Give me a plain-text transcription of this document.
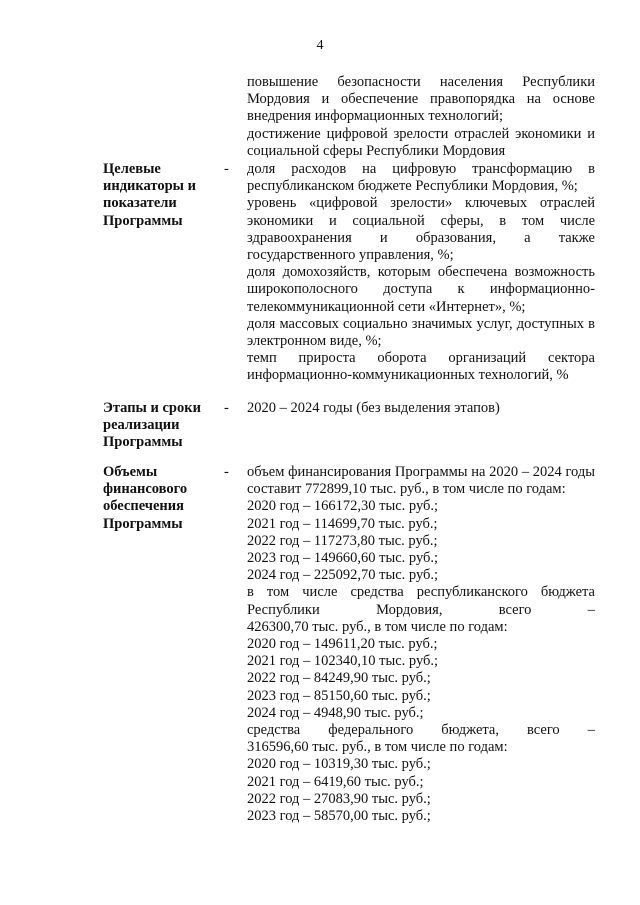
4

повышение безопасности населения Республики Мордовия и обеспечение правопорядка на основе внедрения информационных технологий;

достижение цифровой зрелости отраслей экономики и социальной сферы Республики Мордовия

Целевые индикаторы и показатели Программы
- доля расходов на цифровую трансформацию в республиканском бюджете Республики Мордовия, %;

уровень «цифровой зрелости» ключевых отраслей экономики и социальной сферы, в том числе здравоохранения и образования, а также государственного управления, %;

доля домохозяйств, которым обеспечена возможность широкополосного доступа к информационно-телекоммуникационной сети «Интернет», %;

доля массовых социально значимых услуг, доступных в электронном виде, %;

темп прироста оборота организаций сектора информационно-коммуникационных технологий, %

Этапы и сроки реализации Программы
- 2020 – 2024 годы (без выделения этапов)
Объемы финансового обеспечения Программы
- объем финансирования Программы на 2020 – 2024 годы составит 772899,10 тыс. руб., в том числе по годам:

2020 год – 166172,30 тыс. руб.;
2021 год – 114699,70 тыс. руб.;
2022 год – 117273,80 тыс. руб.;
2023 год – 149660,60 тыс. руб.;
2024 год – 225092,70 тыс. руб.;
в том числе средства республиканского бюджета
Республики Мордовия, всего –
426300,70 тыс. руб., в том числе по годам:
2020 год – 149611,20 тыс. руб.;
2021 год – 102340,10 тыс. руб.;
2022 год – 84249,90 тыс. руб.;
2023 год – 85150,60 тыс. руб.;
2024 год – 4948,90 тыс. руб.;
средства федерального бюджета, всего –
316596,60 тыс. руб., в том числе по годам:
2020 год – 10319,30 тыс. руб.;
2021 год – 6419,60 тыс. руб.;
2022 год – 27083,90 тыс. руб.;
2023 год – 58570,00 тыс. руб.;
